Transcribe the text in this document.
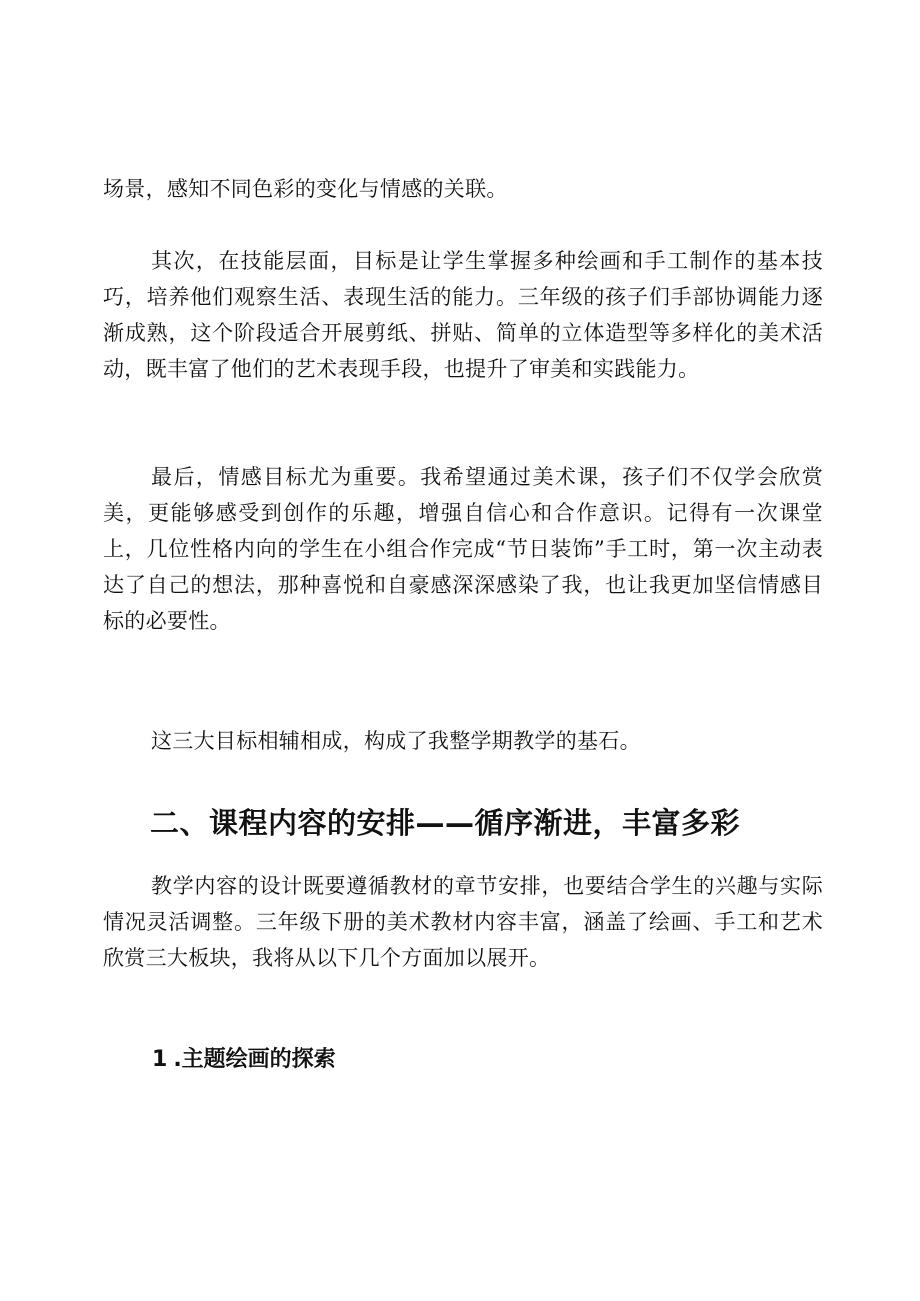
场景，感知不同色彩的变化与情感的关联。

其次，在技能层面，目标是让学生掌握多种绘画和手工制作的基本技巧，培养他们观察生活、表现生活的能力。三年级的孩子们手部协调能力逐渐成熟，这个阶段适合开展剪纸、拼贴、简单的立体造型等多样化的美术活动，既丰富了他们的艺术表现手段，也提升了审美和实践能力。

最后，情感目标尤为重要。我希望通过美术课，孩子们不仅学会欣赏美，更能够感受到创作的乐趣，增强自信心和合作意识。记得有一次课堂上，几位性格内向的学生在小组合作完成“节日装饰”手工时，第一次主动表达了自己的想法，那种喜悦和自豪感深深感染了我，也让我更加坚信情感目标的必要性。

这三大目标相辅相成，构成了我整学期教学的基石。

二、课程内容的安排——循序渐进，丰富多彩

教学内容的设计既要遵循教材的章节安排，也要结合学生的兴趣与实际情况灵活调整。三年级下册的美术教材内容丰富，涵盖了绘画、手工和艺术欣赏三大板块，我将从以下几个方面加以展开。

1 .主题绘画的探索
